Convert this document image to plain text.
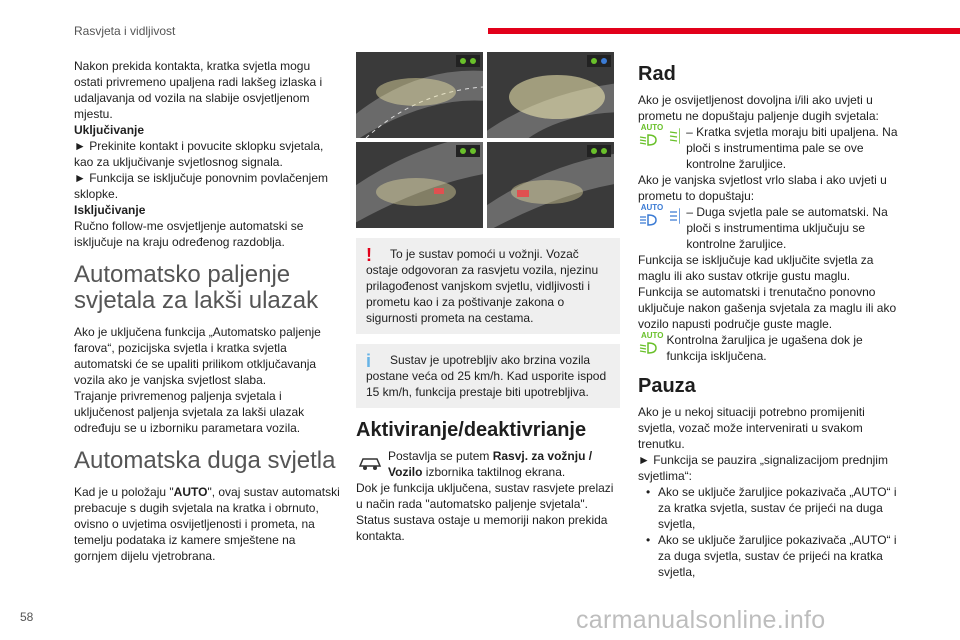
Rasvjeta i vidljivost

Nakon prekida kontakta, kratka svjetla mogu ostati privremeno upaljena radi lakšeg izlaska i udaljavanja od vozila na slabije osvjetljenom mjestu.

Uključivanje

► Prekinite kontakt i povucite sklopku svjetala, kao za uključivanje svjetlosnog signala.

► Funkcija se isključuje ponovnim povlačenjem sklopke.

Isključivanje

Ručno follow-me osvjetljenje automatski se isključuje na kraju određenog razdoblja.

Automatsko paljenje svjetala za lakši ulazak

Ako je uključena funkcija „Automatsko paljenje farova“, pozicijska svjetla i kratka svjetla automatski će se upaliti prilikom otključavanja vozila ako je vanjska svjetlost slaba.

Trajanje privremenog paljenja svjetala i uključenost paljenja svjetala za lakši ulazak određuju se u izborniku parametara vozila.

Automatska duga svjetla

Kad je u položaju "AUTO", ovaj sustav automatski prebacuje s dugih svjetala na kratka i obrnuto, ovisno o uvjetima osvijetljenosti i prometa, na temelju podataka iz kamere smještene na gornjem dijelu vjetrobrana.

!	To je sustav pomoći u vožnji. Vozač ostaje odgovoran za rasvjetu vozila, njezinu prilagođenost vanjskom svjetlu, vidljivosti i prometu kao i za poštivanje zakona o sigurnosti prometa na cestama.

i	Sustav je upotrebljiv ako brzina vozila postane veća od 25 km/h. Kad usporite ispod 15 km/h, funkcija prestaje biti upotrebljiva.

Aktiviranje/deaktivrianje

Postavlja se putem Rasvj. za vožnju / Vozilo izbornika taktilnog ekrana.

Dok je funkcija uključena, sustav rasvjete prelazi u način rada "automatsko paljenje svjetala".

Status sustava ostaje u memoriji nakon prekida kontakta.

Rad

Ako je osvijetljenost dovoljna i/ili ako uvjeti u prometu ne dopuštaju paljenje dugih svjetala:

AUTO – Kratka svjetla moraju biti upaljena. Na ploči s instrumentima pale se ove kontrolne žaruljice.

Ako je vanjska svjetlost vrlo slaba i ako uvjeti u prometu to dopuštaju:

AUTO – Duga svjetla pale se automatski. Na ploči s instrumentima uključuju se kontrolne žaruljice.

Funkcija se isključuje kad uključite svjetla za maglu ili ako sustav otkrije gustu maglu.

Funkcija se automatski i trenutačno ponovno uključuje nakon gašenja svjetala za maglu ili ako vozilo napusti područje guste magle.

AUTO Kontrolna žaruljica je ugašena dok je funkcija isključena.

Pauza

Ako je u nekoj situaciji potrebno promijeniti svjetla, vozač može intervenirati u svakom trenutku.

► Funkcija se pauzira „signalizacijom prednjim svjetlima“:

• Ako se uključe žaruljice pokazivača „AUTO“ i za kratka svjetla, sustav će prijeći na duga svjetla,

• Ako se uključe žaruljice pokazivača „AUTO“ i za duga svjetla, sustav će prijeći na kratka svjetla,

58	carmanualsonline.info
